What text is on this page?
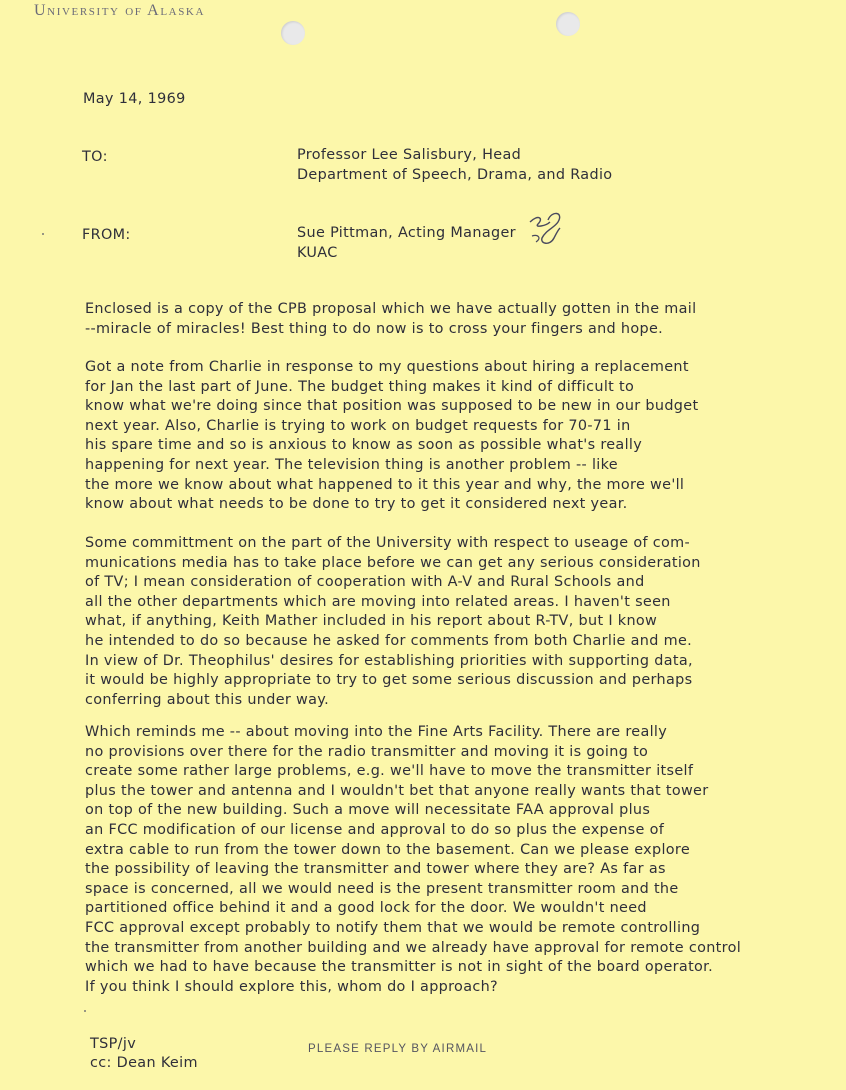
University of Alaska
May 14, 1969
TO:	Professor Lee Salisbury, Head
Department of Speech, Drama, and Radio
FROM:	Sue Pittman, Acting Manager
KUAC
Enclosed is a copy of the CPB proposal which we have actually gotten in the mail
--miracle of miracles! Best thing to do now is to cross your fingers and hope.
Got a note from Charlie in response to my questions about hiring a replacement
for Jan the last part of June. The budget thing makes it kind of difficult to
know what we're doing since that position was supposed to be new in our budget
next year. Also, Charlie is trying to work on budget requests for 70-71 in
his spare time and so is anxious to know as soon as possible what's really
happening for next year. The television thing is another problem -- like
the more we know about what happened to it this year and why, the more we'll
know about what needs to be done to try to get it considered next year.
Some committment on the part of the University with respect to useage of com-
munications media has to take place before we can get any serious consideration
of TV; I mean consideration of cooperation with A-V and Rural Schools and
all the other departments which are moving into related areas. I haven't seen
what, if anything, Keith Mather included in his report about R-TV, but I know
he intended to do so because he asked for comments from both Charlie and me.
In view of Dr. Theophilus' desires for establishing priorities with supporting data,
it would be highly appropriate to try to get some serious discussion and perhaps
conferring about this under way.
Which reminds me -- about moving into the Fine Arts Facility. There are really
no provisions over there for the radio transmitter and moving it is going to
create some rather large problems, e.g. we'll have to move the transmitter itself
plus the tower and antenna and I wouldn't bet that anyone really wants that tower
on top of the new building. Such a move will necessitate FAA approval plus
an FCC modification of our license and approval to do so plus the expense of
extra cable to run from the tower down to the basement. Can we please explore
the possibility of leaving the transmitter and tower where they are? As far as
space is concerned, all we would need is the present transmitter room and the
partitioned office behind it and a good lock for the door. We wouldn't need
FCC approval except probably to notify them that we would be remote controlling
the transmitter from another building and we already have approval for remote control
which we had to have because the transmitter is not in sight of the board operator.
If you think I should explore this, whom do I approach?
TSP/jv
cc: Dean Keim
PLEASE REPLY BY AIRMAIL
